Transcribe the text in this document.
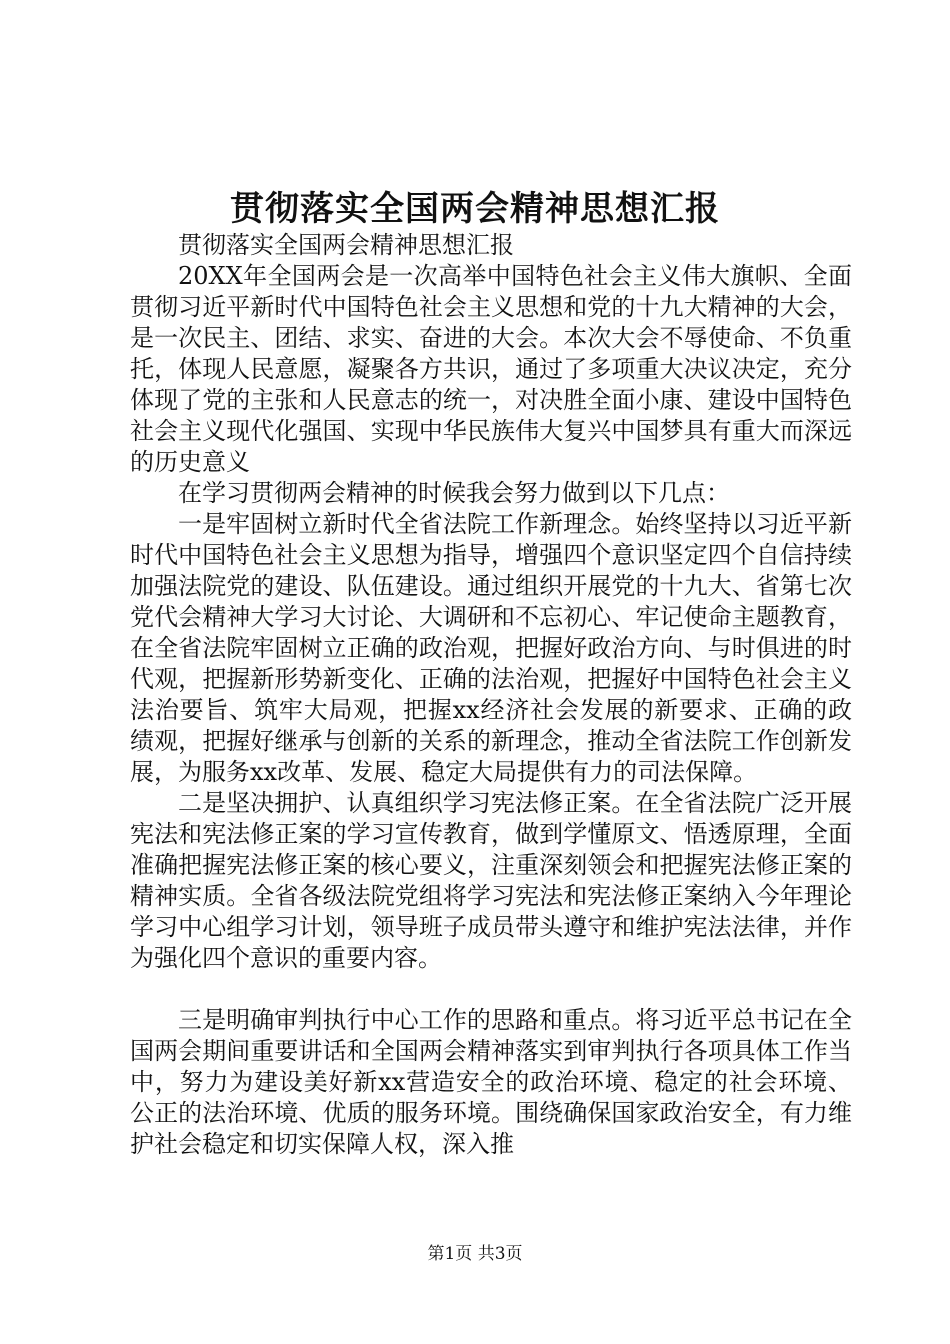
贯彻落实全国两会精神思想汇报

贯彻落实全国两会精神思想汇报

20XX年全国两会是一次高举中国特色社会主义伟大旗帜、全面贯彻习近平新时代中国特色社会主义思想和党的十九大精神的大会，是一次民主、团结、求实、奋进的大会。本次大会不辱使命、不负重托，体现人民意愿，凝聚各方共识，通过了多项重大决议决定，充分体现了党的主张和人民意志的统一，对决胜全面小康、建设中国特色社会主义现代化强国、实现中华民族伟大复兴中国梦具有重大而深远的历史意义

在学习贯彻两会精神的时候我会努力做到以下几点：

一是牢固树立新时代全省法院工作新理念。始终坚持以习近平新时代中国特色社会主义思想为指导，增强四个意识坚定四个自信持续加强法院党的建设、队伍建设。通过组织开展党的十九大、省第七次党代会精神大学习大讨论、大调研和不忘初心、牢记使命主题教育，在全省法院牢固树立正确的政治观，把握好政治方向、与时俱进的时代观，把握新形势新变化、正确的法治观，把握好中国特色社会主义法治要旨、筑牢大局观，把握xx经济社会发展的新要求、正确的政绩观，把握好继承与创新的关系的新理念，推动全省法院工作创新发展，为服务xx改革、发展、稳定大局提供有力的司法保障。

二是坚决拥护、认真组织学习宪法修正案。在全省法院广泛开展宪法和宪法修正案的学习宣传教育，做到学懂原文、悟透原理，全面准确把握宪法修正案的核心要义，注重深刻领会和把握宪法修正案的精神实质。全省各级法院党组将学习宪法和宪法修正案纳入今年理论学习中心组学习计划，领导班子成员带头遵守和维护宪法法律，并作为强化四个意识的重要内容。

三是明确审判执行中心工作的思路和重点。将习近平总书记在全国两会期间重要讲话和全国两会精神落实到审判执行各项具体工作当中，努力为建设美好新xx营造安全的政治环境、稳定的社会环境、公正的法治环境、优质的服务环境。围绕确保国家政治安全，有力维护社会稳定和切实保障人权，深入推

第1页 共3页
